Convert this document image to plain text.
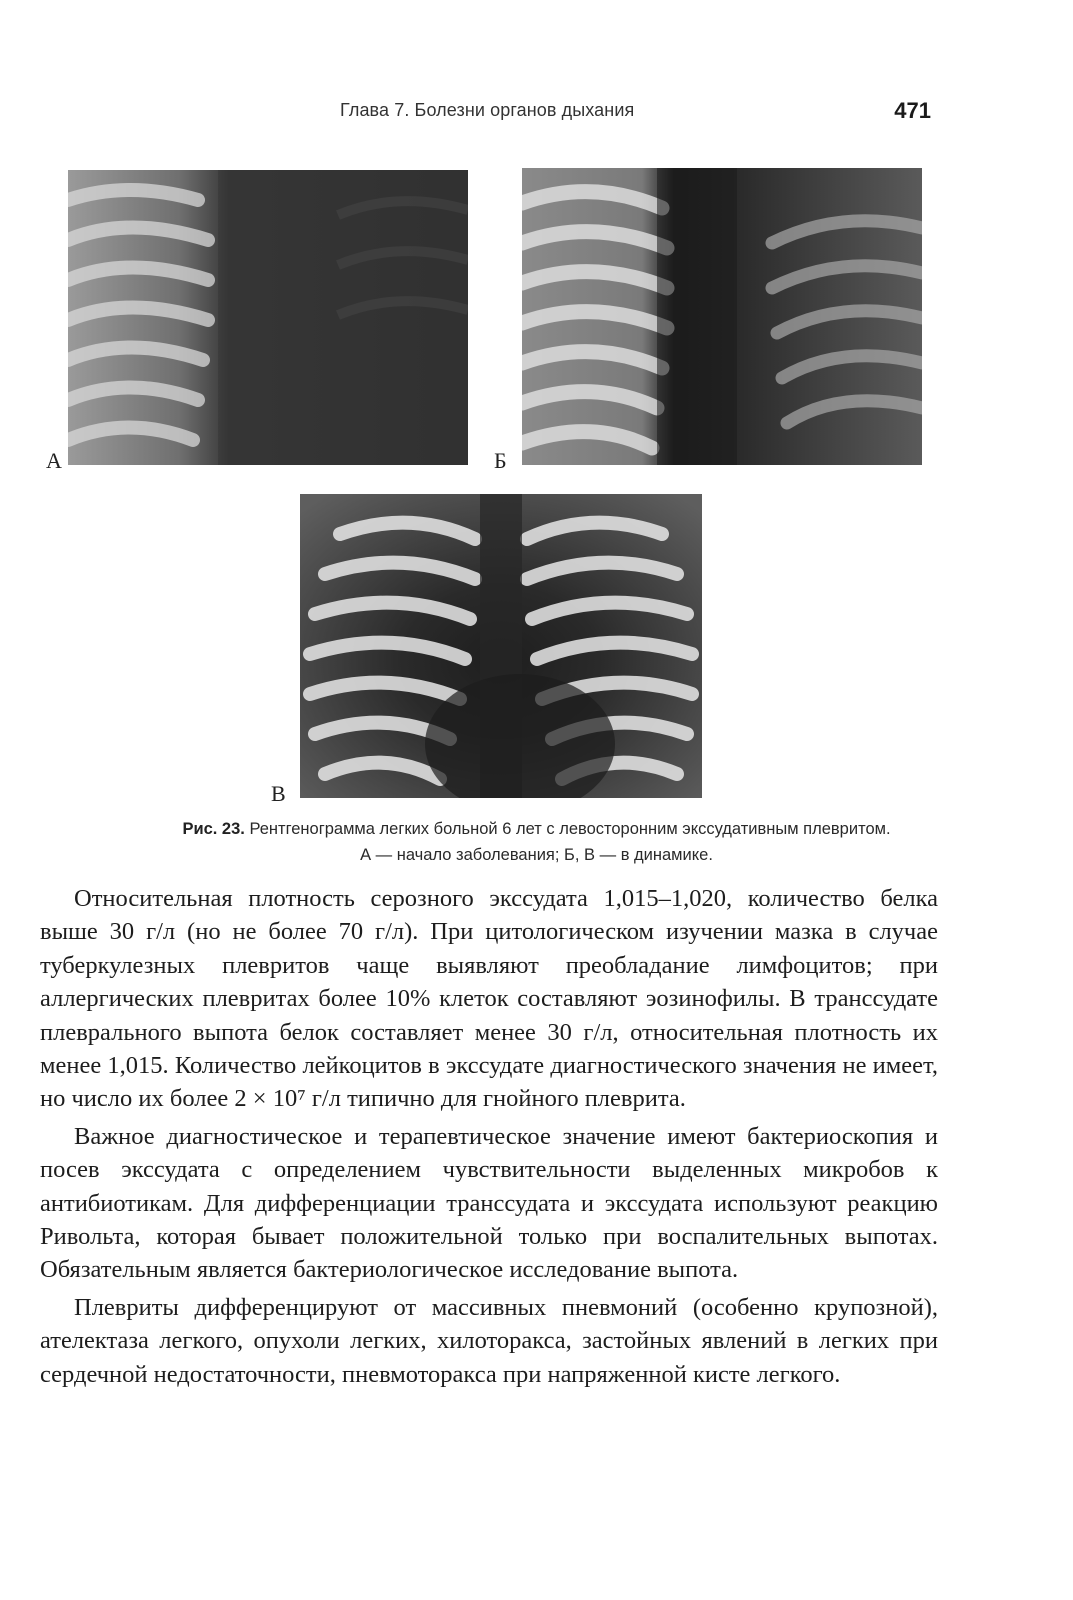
Глава 7. Болезни органов дыхания	471
А	Б
В
Рис. 23. Рентгенограмма легких больной 6 лет с левосторонним экссудативным плевритом.
А — начало заболевания; Б, В — в динамике.

Относительная плотность серозного экссудата 1,015–1,020, количество белка выше 30 г/л (но не более 70 г/л). При цитологическом изучении мазка в случае туберкулезных плевритов чаще выявляют преобладание лимфоцитов; при аллергических плевритах более 10% клеток составляют эозинофилы. В транссудате плеврального выпота белок составляет менее 30 г/л, относительная плотность их менее 1,015. Количество лейкоцитов в экссудате диагностического значения не имеет, но число их более 2 × 10⁷ г/л типично для гнойного плеврита.

Важное диагностическое и терапевтическое значение имеют бактериоскопия и посев экссудата с определением чувствительности выделенных микробов к антибиотикам. Для дифференциации транссудата и экссудата используют реакцию Ривольта, которая бывает положительной только при воспалительных выпотах. Обязательным является бактериологическое исследование выпота.

Плевриты дифференцируют от массивных пневмоний (особенно крупозной), ателектаза легкого, опухоли легких, хилоторакса, застойных явлений в легких при сердечной недостаточности, пневмоторакса при напряженной кисте легкого.
